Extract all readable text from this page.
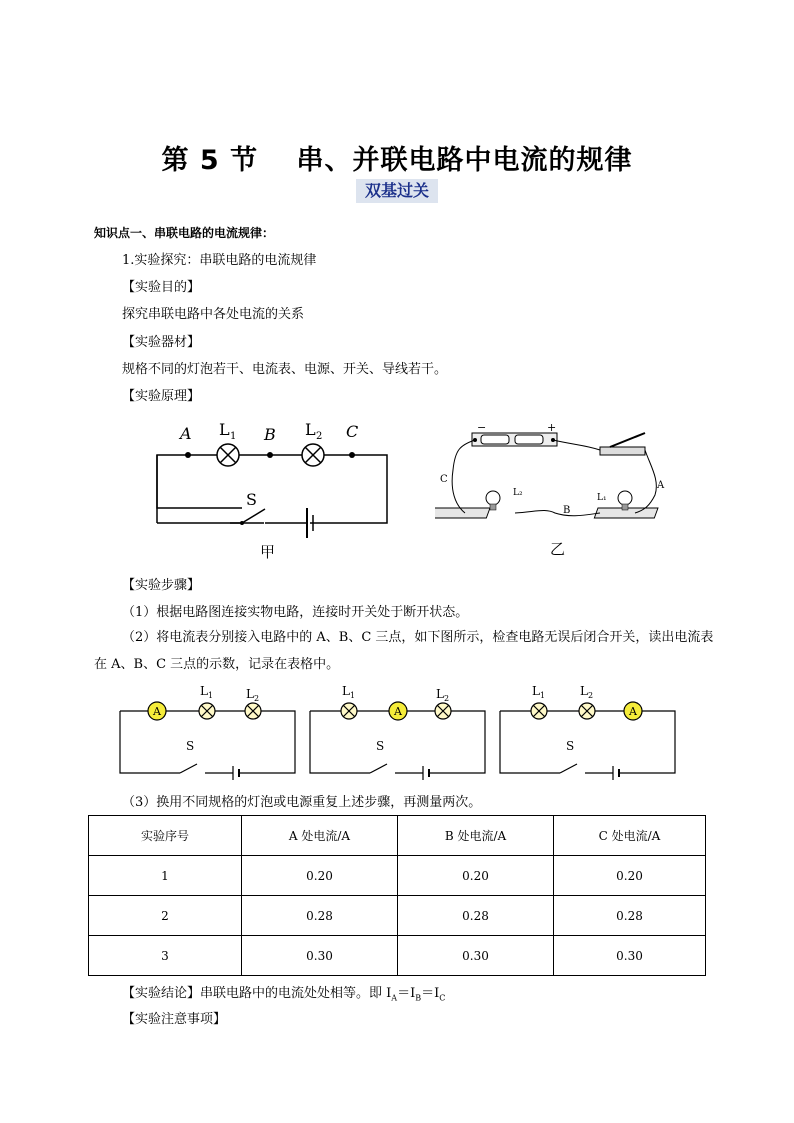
第 5 节　 串、并联电路中电流的规律
双基过关
知识点一、串联电路的电流规律：
1.实验探究：串联电路的电流规律
【实验目的】
探究串联电路中各处电流的关系
【实验器材】
规格不同的灯泡若干、电流表、电源、开关、导线若干。
【实验原理】
A	B	C
L 1	L 2
S
甲
−	+
C
A
B
L₂	L₁
乙
【实验步骤】
（1）根据电路图连接实物电路，连接时开关处于断开状态。
（2）将电流表分别接入电路中的 A、B、C 三点，如下图所示，检查电路无误后闭合开关，读出电流表在 A、B、C 三点的示数，记录在表格中。
A
L 1	L 2
S
A
L 1	L 2
S
A
L 1	L 2
S
（3）换用不同规格的灯泡或电源重复上述步骤，再测量两次。
实验序号	A 处电流/A	B 处电流/A	C 处电流/A
1	0.20	0.20	0.20
2	0.28	0.28	0.28
3	0.30	0.30	0.30
【实验结论】串联电路中的电流处处相等。即 $I_A=I_B=I_C$
【实验注意事项】
